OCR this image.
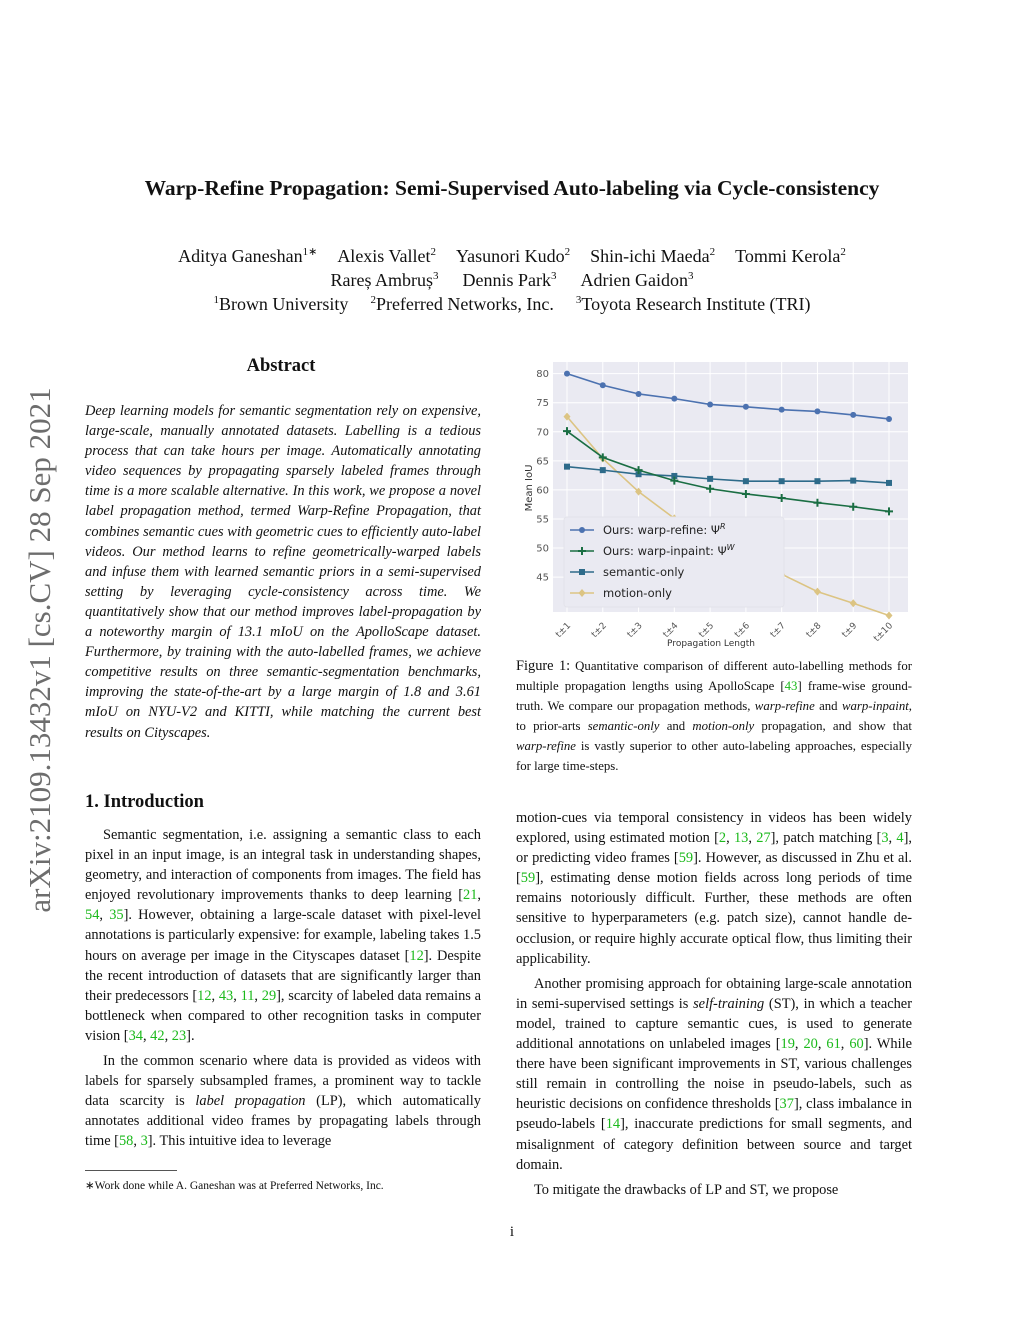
Warp-Refine Propagation: Semi-Supervised Auto-labeling via Cycle-consistency
Aditya Ganeshan$^{1∗}$ Alexis Vallet$^2$ Yasunori Kudo$^2$ Shin-ichi Maeda$^2$ Tommi Kerola$^2$
Rareș Ambruș$^3$ Dennis Park$^3$ Adrien Gaidon$^3$
$^1$Brown University $^2$Preferred Networks, Inc. $^3$Toyota Research Institute (TRI)
arXiv:2109.13432v1 [cs.CV] 28 Sep 2021
Abstract
Deep learning models for semantic segmentation rely on expensive, large-scale, manually annotated datasets. Labelling is a tedious process that can take hours per image. Automatically annotating video sequences by propagating sparsely labeled frames through time is a more scalable alternative. In this work, we propose a novel label propagation method, termed Warp-Refine Propagation, that combines semantic cues with geometric cues to efficiently auto-label videos. Our method learns to refine geometrically-warped labels and infuse them with learned semantic priors in a semi-supervised setting by leveraging cycle-consistency across time. We quantitatively show that our method improves label-propagation by a noteworthy margin of 13.1 mIoU on the ApolloScape dataset. Furthermore, by training with the auto-labelled frames, we achieve competitive results on three semantic-segmentation benchmarks, improving the state-of-the-art by a large margin of 1.8 and 3.61 mIoU on NYU-V2 and KITTI, while matching the current best results on Cityscapes.
1. Introduction

Semantic segmentation, i.e. assigning a semantic class to each pixel in an input image, is an integral task in understanding shapes, geometry, and interaction of components from images. The field has enjoyed revolutionary improvements thanks to deep learning [21, 54, 35]. However, obtaining a large-scale dataset with pixel-level annotations is particularly expensive: for example, labeling takes 1.5 hours on average per image in the Cityscapes dataset [12]. Despite the recent introduction of datasets that are significantly larger than their predecessors [12, 43, 11, 29], scarcity of labeled data remains a bottleneck when compared to other recognition tasks in computer vision [34, 42, 23].

In the common scenario where data is provided as videos with labels for sparsely subsampled frames, a prominent way to tackle data scarcity is label propagation (LP), which automatically annotates additional video frames by propagating labels through time [58, 3]. This intuitive idea to leverage

∗Work done while A. Ganeshan was at Preferred Networks, Inc.

motion-cues via temporal consistency in videos has been widely explored, using estimated motion [2, 13, 27], patch matching [3, 4], or predicting video frames [59]. However, as discussed in Zhu et al. [59], estimating dense motion fields across long periods of time remains notoriously difficult. Further, these methods are often sensitive to hyperparameters (e.g. patch size), cannot handle de-occlusion, or require highly accurate optical flow, thus limiting their applicability.

Another promising approach for obtaining large-scale annotation in semi-supervised settings is self-training (ST), in which a teacher model, trained to capture semantic cues, is used to generate additional annotations on unlabeled images [19, 20, 61, 60]. While there have been significant improvements in ST, various challenges still remain in controlling the noise in pseudo-labels, such as heuristic decisions on confidence thresholds [37], class imbalance in pseudo-labels [14], inaccurate predictions for small segments, and misalignment of category definition between source and target domain.

To mitigate the drawbacks of LP and ST, we propose

45
50
55
60
65
70
75
80
t±1 t±2 t±3 t±4 t±5 t±6 t±7 t±8 t±9 t±10
Ours: warp-refine: $\Psi^R$
Ours: warp-inpaint: $\Psi^W$
semantic-only
motion-only
Propagation Length
Mean IoU
Figure 1: Quantitative comparison of different auto-labelling methods for multiple propagation lengths using ApolloScape [43] frame-wise ground-truth. We compare our propagation methods, warp-refine and warp-inpaint, to prior-arts semantic-only and motion-only propagation, and show that warp-refine is vastly superior to other auto-labeling approaches, especially for large time-steps.
i
